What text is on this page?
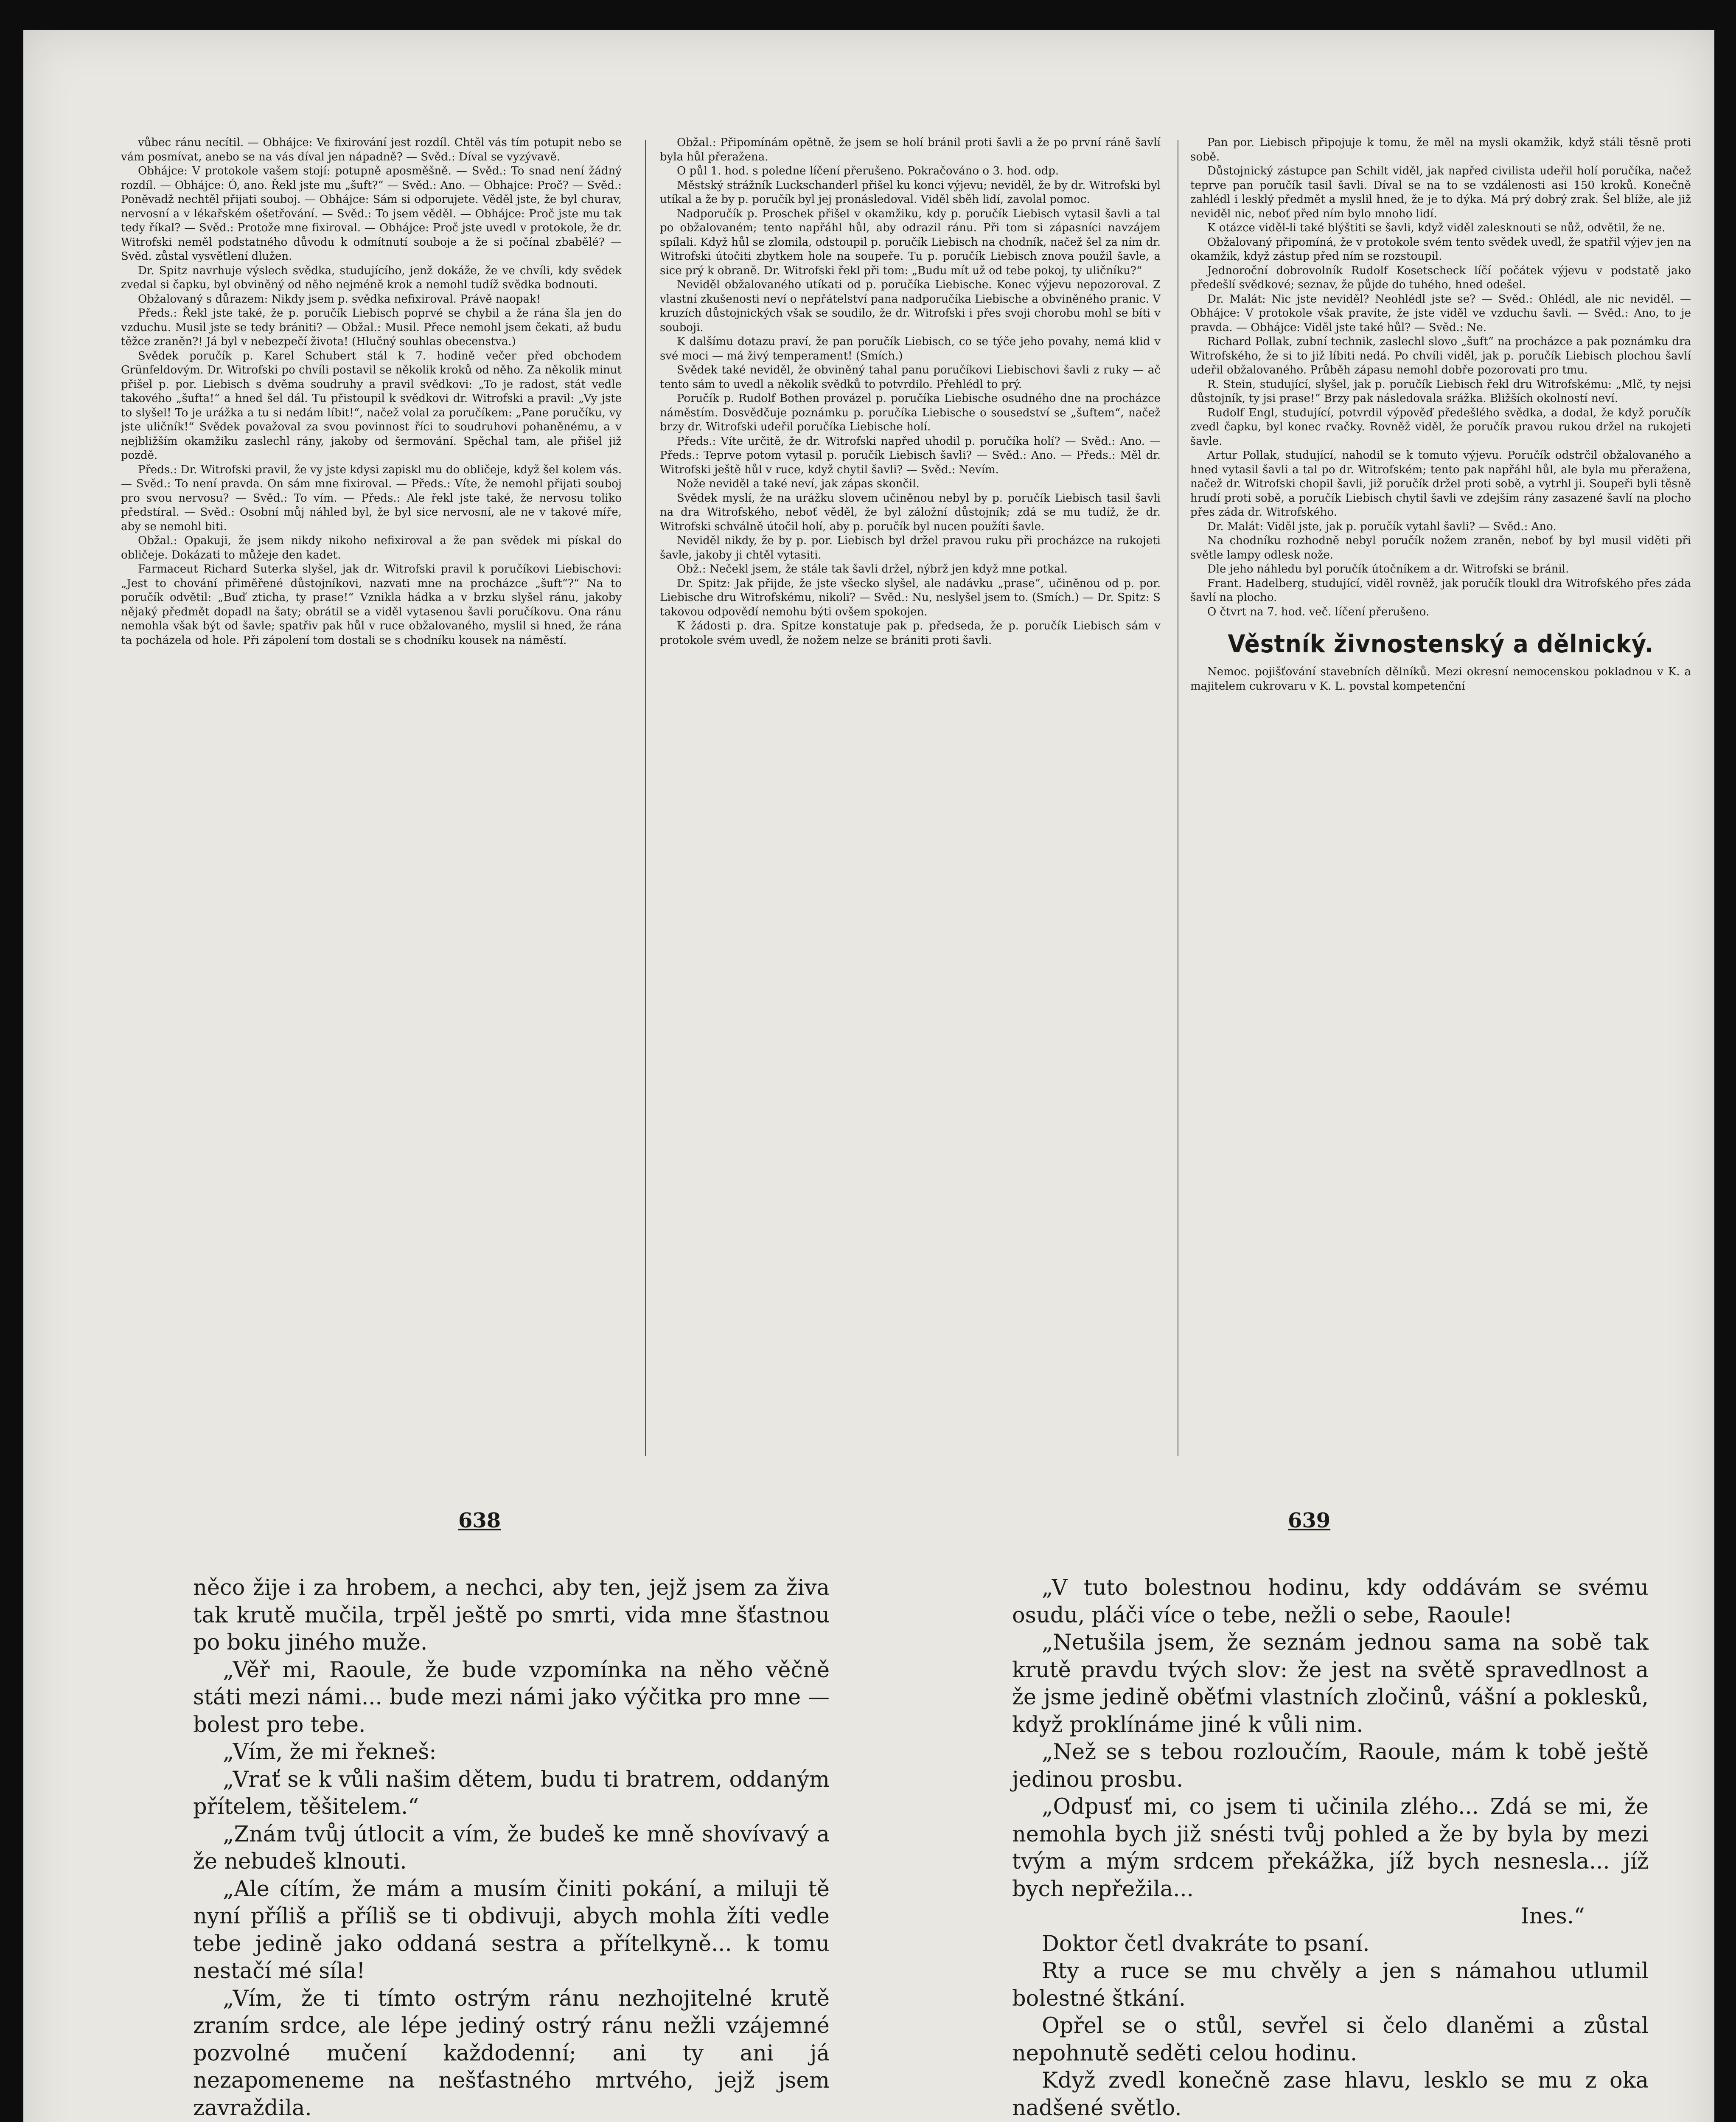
vůbec ránu necítil. — Obhájce: Ve fixirování jest rozdíl. Chtěl vás tím potupit nebo se vám posmívat, anebo se na vás díval jen nápadně? — Svěd.: Díval se vyzývavě.

Obhájce: V protokole vašem stojí: potupně aposměšně. — Svěd.: To snad není žádný rozdíl. — Obhájce: Ó, ano. Řekl jste mu „šuft?“ — Svěd.: Ano. — Obhajce: Proč? — Svěd.: Poněvadž nechtěl přijati souboj. — Obhájce: Sám si odporujete. Věděl jste, že byl churav, nervosní a v lékařském ošetřování. — Svěd.: To jsem věděl. — Obhájce: Proč jste mu tak tedy říkal? — Svěd.: Protože mne fixiroval. — Obhájce: Proč jste uvedl v protokole, že dr. Witrofski neměl podstatného důvodu k odmítnutí souboje a že si počínal zbabělé? — Svěd. zůstal vysvětlení dlužen.

Dr. Spitz navrhuje výslech svědka, studujícího, jenž dokáže, že ve chvíli, kdy svědek zvedal si čapku, byl obviněný od něho nejméně krok a nemohl tudíž svědka bodnouti.

Obžalovaný s důrazem: Nikdy jsem p. svědka nefixiroval. Právě naopak!

Předs.: Řekl jste také, že p. poručík Liebisch poprvé se chybil a že rána šla jen do vzduchu. Musil jste se tedy brániti? — Obžal.: Musil. Přece nemohl jsem čekati, až budu těžce zraněn?! Já byl v nebezpečí života! (Hlučný souhlas obecenstva.)

Svědek poručík p. Karel Schubert stál k 7. hodině večer před obchodem Grünfeldovým. Dr. Witrofski po chvíli postavil se několik kroků od něho. Za několik minut přišel p. por. Liebisch s dvěma soudruhy a pravil svědkovi: „To je radost, stát vedle takového „šufta!“ a hned šel dál. Tu přistoupil k svědkovi dr. Witrofski a pravil: „Vy jste to slyšel! To je urážka a tu si nedám líbit!“, načež volal za poručíkem: „Pane poručíku, vy jste uličník!“ Svědek považoval za svou povinnost říci to soudruhovi pohaněnému, a v nejbližším okamžiku zaslechl rány, jakoby od šermování. Spěchal tam, ale přišel již pozdě.

Předs.: Dr. Witrofski pravil, že vy jste kdysi zapiskl mu do obličeje, když šel kolem vás. — Svěd.: To není pravda. On sám mne fixiroval. — Předs.: Víte, že nemohl přijati souboj pro svou nervosu? — Svěd.: To vím. — Předs.: Ale řekl jste také, že nervosu toliko předstíral. — Svěd.: Osobní můj náhled byl, že byl sice nervosní, ale ne v takové míře, aby se nemohl biti.

Obžal.: Opakuji, že jsem nikdy nikoho nefixiroval a že pan svědek mi pískal do obličeje. Dokázati to můžeje den kadet.

Farmaceut Richard Suterka slyšel, jak dr. Witrofski pravil k poručíkovi Liebischovi: „Jest to chování přiměřené důstojníkovi, nazvati mne na procházce „šuft“?“ Na to poručík odvětil: „Buď zticha, ty prase!“ Vznikla hádka a v brzku slyšel ránu, jakoby nějaký předmět dopadl na šaty; obrátil se a viděl vytasenou šavli poručíkovu. Ona ránu nemohla však být od šavle; spatřiv pak hůl v ruce obžalovaného, myslil si hned, že rána ta pocházela od hole. Při zápolení tom dostali se s chodníku kousek na náměstí.

Obžal.: Připomínám opětně, že jsem se holí bránil proti šavli a že po první ráně šavlí byla hůl přeražena.

O půl 1. hod. s poledne líčení přerušeno. Pokračováno o 3. hod. odp.

Městský strážník Luckschanderl přišel ku konci výjevu; neviděl, že by dr. Witrofski byl utíkal a že by p. poručík byl jej pronásledoval. Viděl sběh lidí, zavolal pomoc.

Nadporučík p. Proschek přišel v okamžiku, kdy p. poručík Liebisch vytasil šavli a tal po obžalovaném; tento napřáhl hůl, aby odrazil ránu. Při tom si zápasníci navzájem spílali. Když hůl se zlomila, odstoupil p. poručík Liebisch na chodník, načež šel za ním dr. Witrofski útočiti zbytkem hole na soupeře. Tu p. poručík Liebisch znova použil šavle, a sice prý k obraně. Dr. Witrofski řekl při tom: „Budu mít už od tebe pokoj, ty uličníku?“

Neviděl obžalovaného utíkati od p. poručíka Liebische. Konec výjevu nepozoroval. Z vlastní zkušenosti neví o nepřátelství pana nadporučíka Liebische a obviněného pranic. V kruzích důstojnických však se soudilo, že dr. Witrofski i přes svoji chorobu mohl se bíti v souboji.

K dalšímu dotazu praví, že pan poručík Liebisch, co se týče jeho povahy, nemá klid v své moci — má živý temperament! (Smích.)

Svědek také neviděl, že obviněný tahal panu poručíkovi Liebischovi šavli z ruky — ač tento sám to uvedl a několik svědků to potvrdilo. Přehlédl to prý.

Poručík p. Rudolf Bothen provázel p. poručíka Liebische osudného dne na procházce náměstím. Dosvědčuje poznámku p. poručíka Liebische o sousedství se „šuftem“, načež brzy dr. Witrofski udeřil poručíka Liebische holí.

Předs.: Víte určitě, že dr. Witrofski napřed uhodil p. poručíka holí? — Svěd.: Ano. — Předs.: Teprve potom vytasil p. poručík Liebisch šavli? — Svěd.: Ano. — Předs.: Měl dr. Witrofski ještě hůl v ruce, když chytil šavli? — Svěd.: Nevím.

Nože neviděl a také neví, jak zápas skončil.

Svědek myslí, že na urážku slovem učiněnou nebyl by p. poručík Liebisch tasil šavli na dra Witrofského, neboť věděl, že byl záložní důstojník; zdá se mu tudíž, že dr. Witrofski schválně útočil holí, aby p. poručík byl nucen použíti šavle.

Neviděl nikdy, že by p. por. Liebisch byl držel pravou ruku při procházce na rukojeti šavle, jakoby ji chtěl vytasiti.

Obž.: Nečekl jsem, že stále tak šavli držel, nýbrž jen když mne potkal.

Dr. Spitz: Jak přijde, že jste všecko slyšel, ale nadávku „prase“, učiněnou od p. por. Liebische dru Witrofskému, nikoli? — Svěd.: Nu, neslyšel jsem to. (Smích.) — Dr. Spitz: S takovou odpovědí nemohu býti ovšem spokojen.

K žádosti p. dra. Spitze konstatuje pak p. předseda, že p. poručík Liebisch sám v protokole svém uvedl, že nožem nelze se brániti proti šavli.

Pan por. Liebisch připojuje k tomu, že měl na mysli okamžik, když stáli těsně proti sobě.

Důstojnický zástupce pan Schilt viděl, jak napřed civilista udeřil holí poručíka, načež teprve pan poručík tasil šavli. Díval se na to se vzdálenosti asi 150 kroků. Konečně zahlédl i lesklý předmět a myslil hned, že je to dýka. Má prý dobrý zrak. Šel blíže, ale již neviděl nic, neboť před ním bylo mnoho lidí.

K otázce viděl-li také blýštiti se šavli, když viděl zalesknouti se nůž, odvětil, že ne.

Obžalovaný připomíná, že v protokole svém tento svědek uvedl, že spatřil výjev jen na okamžik, když zástup před ním se rozstoupil.

Jednoroční dobrovolník Rudolf Kosetscheck líčí počátek výjevu v podstatě jako předešlí svědkové; seznav, že půjde do tuhého, hned odešel.

Dr. Malát: Nic jste neviděl? Neohlédl jste se? — Svěd.: Ohlédl, ale nic neviděl. — Obhájce: V protokole však pravíte, že jste viděl ve vzduchu šavli. — Svěd.: Ano, to je pravda. — Obhájce: Viděl jste také hůl? — Svěd.: Ne.

Richard Pollak, zubní technik, zaslechl slovo „šuft“ na procházce a pak poznámku dra Witrofského, že si to již líbiti nedá. Po chvíli viděl, jak p. poručík Liebisch plochou šavlí udeřil obžalovaného. Průběh zápasu nemohl dobře pozorovati pro tmu.

R. Stein, studující, slyšel, jak p. poručík Liebisch řekl dru Witrofskému: „Mlč, ty nejsi důstojník, ty jsi prase!“ Brzy pak následovala srážka. Bližších okolností neví.

Rudolf Engl, studující, potvrdil výpověď předešlého svědka, a dodal, že když poručík zvedl čapku, byl konec rvačky. Rovněž viděl, že poručík pravou rukou držel na rukojeti šavle.

Artur Pollak, studující, nahodil se k tomuto výjevu. Poručík odstrčil obžalovaného a hned vytasil šavli a tal po dr. Witrofském; tento pak napřáhl hůl, ale byla mu přeražena, načež dr. Witrofski chopil šavli, již poručík držel proti sobě, a vytrhl ji. Soupeři byli těsně hrudí proti sobě, a poručík Liebisch chytil šavli ve zdejším rány zasazené šavlí na plocho přes záda dr. Witrofského.

Dr. Malát: Viděl jste, jak p. poručík vytahl šavli? — Svěd.: Ano.

Na chodníku rozhodně nebyl poručík nožem zraněn, neboť by byl musil viděti při světle lampy odlesk nože.

Dle jeho náhledu byl poručík útočníkem a dr. Witrofski se bránil.

Frant. Hadelberg, studující, viděl rovněž, jak poručík tloukl dra Witrofského přes záda šavlí na plocho.

O čtvrt na 7. hod. več. líčení přerušeno.

Věstník živnostenský a dělnický.

Nemoc. pojišťování stavebních dělníků. Mezi okresní nemocenskou pokladnou v K. a majitelem cukrovaru v K. L. povstal kompetenční

638	639

něco žije i za hrobem, a nechci, aby ten, jejž jsem za živa tak krutě mučila, trpěl ještě po smrti, vida mne šťastnou po boku jiného muže.

„Věř mi, Raoule, že bude vzpomínka na něho věčně státi mezi námi... bude mezi námi jako výčitka pro mne — bolest pro tebe.

„Vím, že mi řekneš:

„Vrať se k vůli našim dětem, budu ti bratrem, oddaným přítelem, těšitelem.“

„Znám tvůj útlocit a vím, že budeš ke mně shovívavý a že nebudeš klnouti.

„Ale cítím, že mám a musím činiti pokání, a miluji tě nyní příliš a příliš se ti obdivuji, abych mohla žíti vedle tebe jedině jako oddaná sestra a přítelkyně... k tomu nestačí mé síla!

„Vím, že ti tímto ostrým ránu nezhojitelné krutě zraním srdce, ale lépe jediný ostrý ránu nežli vzájemné pozvolné mučení každodenní; ani ty ani já nezapomeneme na nešťastného mrtvého, jejž jsem zavraždila.

„V tuto bolestnou hodinu, kdy oddávám se svému osudu, pláči více o tebe, nežli o sebe, Raoule!

„Netušila jsem, že seznám jednou sama na sobě tak krutě pravdu tvých slov: že jest na světě spravedlnost a že jsme jedině oběťmi vlastních zločinů, vášní a poklesků, když proklínáme jiné k vůli nim.

„Než se s tebou rozloučím, Raoule, mám k tobě ještě jedinou prosbu.

„Odpusť mi, co jsem ti učinila zlého... Zdá se mi, že nemohla bych již snésti tvůj pohled a že by byla by mezi tvým a mým srdcem překážka, jíž bych nesnesla... jíž bych nepřežila...

Ines.“

Doktor četl dvakráte to psaní.

Rty a ruce se mu chvěly a jen s námahou utlumil bolestné štkání.

Opřel se o stůl, sevřel si čelo dlaněmi a zůstal nepohnutě seděti celou hodinu.

Když zvedl konečně zase hlavu, lesklo se mu z oka nadšené světlo.
